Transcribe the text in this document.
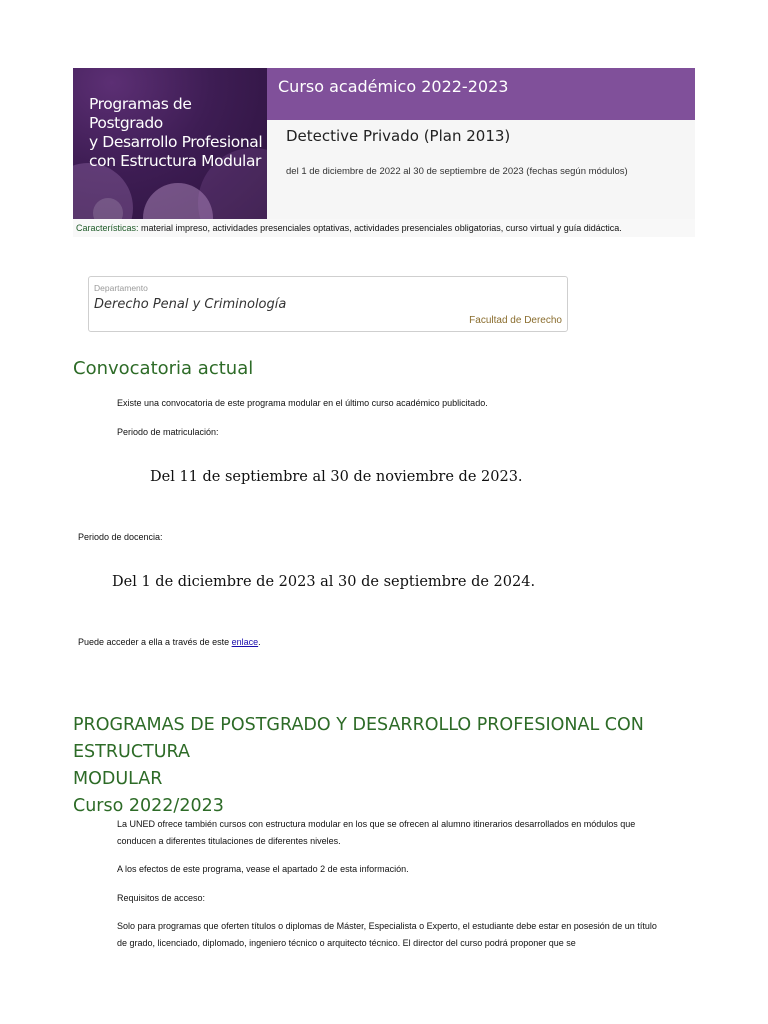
Programas de Postgrado
y Desarrollo Profesional
con Estructura Modular
Curso académico 2022-2023
Detective Privado (Plan 2013)
del 1 de diciembre de 2022 al 30 de septiembre de 2023 (fechas según módulos)
Características: material impreso, actividades presenciales optativas, actividades presenciales obligatorias, curso virtual y guía didáctica.
Departamento
Derecho Penal y Criminología
Facultad de Derecho
Convocatoria actual
Existe una convocatoria de este programa modular en el último curso académico publicitado.
Periodo de matriculación:
Del 11 de septiembre al 30 de noviembre de 2023.
Periodo de docencia:
Del 1 de diciembre de 2023 al 30 de septiembre de 2024.
Puede acceder a ella a través de este enlace.
PROGRAMAS DE POSTGRADO Y DESARROLLO PROFESIONAL CON ESTRUCTURA
MODULAR
Curso 2022/2023
La UNED ofrece también cursos con estructura modular en los que se ofrecen al alumno itinerarios desarrollados en módulos que conducen a diferentes titulaciones de diferentes niveles.
A los efectos de este programa, vease el apartado 2 de esta información.
Requisitos de acceso:
Solo para programas que oferten títulos o diplomas de Máster, Especialista o Experto, el estudiante debe estar en posesión de un título de grado, licenciado, diplomado, ingeniero técnico o arquitecto técnico. El director del curso podrá proponer que se
